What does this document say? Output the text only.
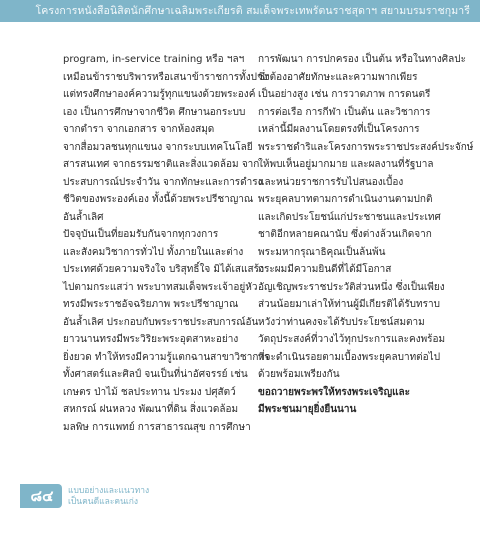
โครงการหนังสือนิสิตนักศึกษาเฉลิมพระเกียรติ สมเด็จพระเทพรัตนราชสุดาฯ สยามบรมราชกุมารี
program, in-service training หรือ ฯลฯ
เหมือนข้าราชบริพารหรือเสนาข้าราชการทั้งปวง
แต่ทรงศึกษาองค์ความรู้ทุกแขนงด้วยพระองค์
เอง เป็นการศึกษาจากชีวิต ศึกษานอกระบบ
จากตำรา จากเอกสาร จากห้องสมุด
จากสื่อมวลชนทุกแขนง จากระบบเทคโนโลยี
สารสนเทศ จากธรรมชาติและสิ่งแวดล้อม จาก
ประสบการณ์ประจำวัน จากทักษะและการดำรง
ชีวิตของพระองค์เอง ทั้งนี้ด้วยพระปรีชาญาณ
อันล้ำเลิศ
ปัจจุบันเป็นที่ยอมรับกันจากทุกวงการ
และสังคมวิชาการทั่วไป ทั้งภายในและต่าง
ประเทศด้วยความจริงใจ บริสุทธิ์ใจ มิได้เสแสร้ง
ไปตามกระแสว่า พระบาทสมเด็จพระเจ้าอยู่หัว
ทรงมีพระราชอัจฉริยภาพ พระปรีชาญาณ
อันล้ำเลิศ ประกอบกับพระราชประสบการณ์อัน
ยาวนานทรงมีพระวิริยะพระอุตสาหะอย่าง
ยิ่งยวด ทำให้ทรงมีความรู้แตกฉานสาขาวิชาการ
ทั้งศาสตร์และศิลป์ จนเป็นที่น่าอัศจรรย์ เช่น
เกษตร ป่าไม้ ชลประทาน ประมง ปศุสัตว์
สหกรณ์ ฝนหลวง พัฒนาที่ดิน สิ่งแวดล้อม
มลพิษ การแพทย์ การสาธารณสุข การศึกษา
การพัฒนา การปกครอง เป็นต้น หรือในทางศิลปะ
ซึ่งต้องอาศัยทักษะและความพากเพียร
เป็นอย่างสูง เช่น การวาดภาพ การดนตรี
การต่อเรือ การกีฬา เป็นต้น และวิชาการ
เหล่านี้มีผลงานโดยตรงที่เป็นโครงการ
พระราชดำริและโครงการพระราชประสงค์ประจักษ์
ให้พบเห็นอยู่มากมาย และผลงานที่รัฐบาล
และหน่วยราชการรับไปสนองเบื้อง
พระยุคลบาทตามการดำเนินงานตามปกติ
และเกิดประโยชน์แก่ประชาชนและประเทศ
ชาติอีกหลายคณานับ ซึ่งต่างล้วนเกิดจาก
พระมหากรุณาธิคุณเป็นล้นพ้น
กระผมมีความยินดีที่ได้มีโอกาส
อัญเชิญพระราชประวัติส่วนหนึ่ง ซึ่งเป็นเพียง
ส่วนน้อยมาเล่าให้ท่านผู้มีเกียรติได้รับทราบ
หวังว่าท่านคงจะได้รับประโยชน์สมตาม
วัตถุประสงค์ที่วางไว้ทุกประการและคงพร้อม
ที่จะดำเนินรอยตามเบื้องพระยุคลบาทต่อไป
ด้วยพร้อมเพรียงกัน
ขอถวายพระพรให้ทรงพระเจริญและ
มีพระชนมายุยิ่งยืนนาน
๘๔	แบบอย่างและแนวทาง
เป็นคนดีและคนเก่ง
